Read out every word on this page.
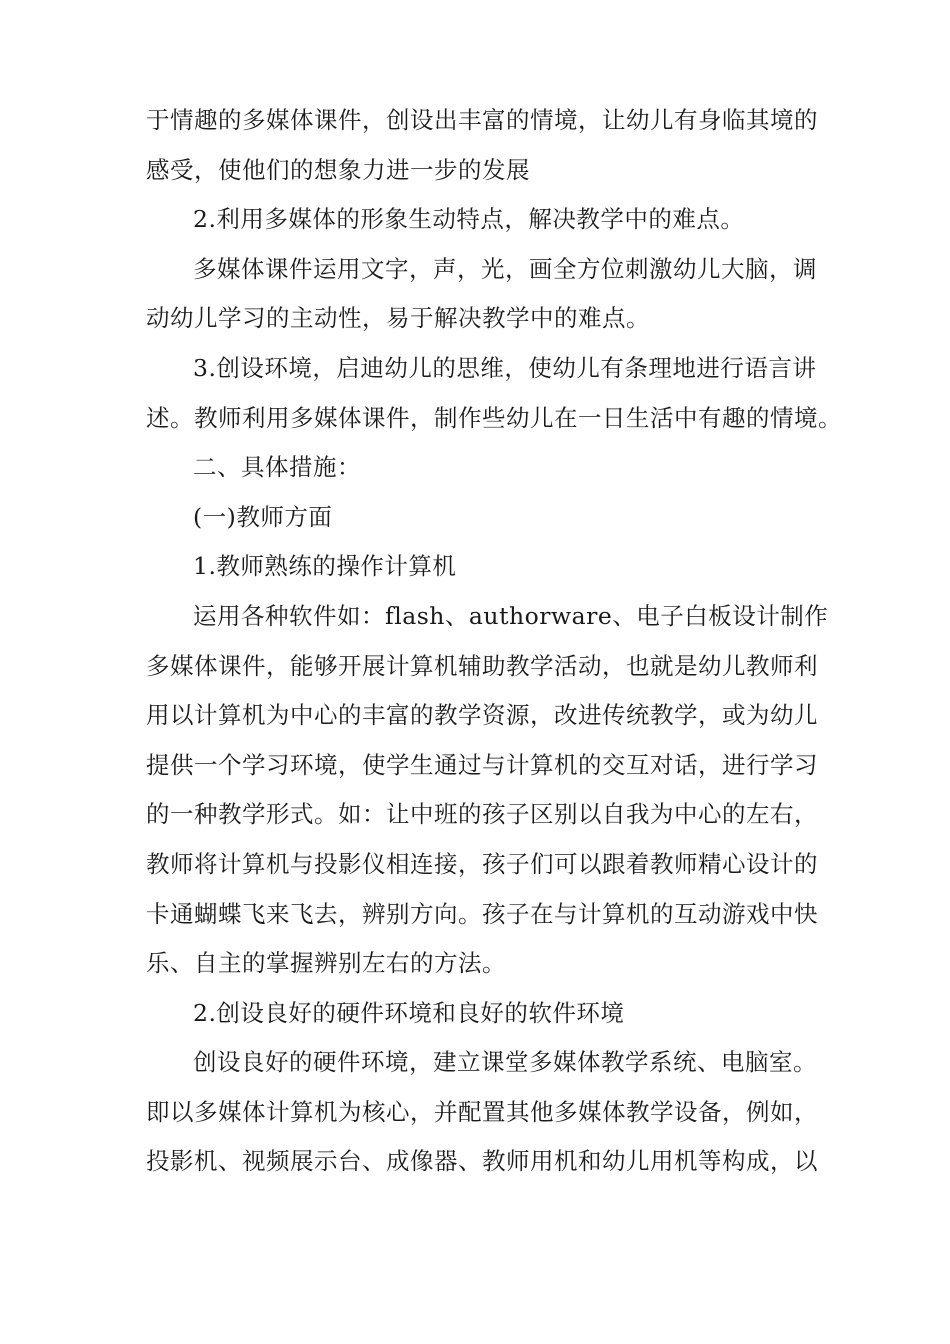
于情趣的多媒体课件，创设出丰富的情境，让幼儿有身临其境的
感受，使他们的想象力进一步的发展
2.利用多媒体的形象生动特点，解决教学中的难点。
多媒体课件运用文字，声，光，画全方位刺激幼儿大脑，调
动幼儿学习的主动性，易于解决教学中的难点。
3.创设环境，启迪幼儿的思维，使幼儿有条理地进行语言讲
述。教师利用多媒体课件，制作些幼儿在一日生活中有趣的情境。
二、具体措施：
(一)教师方面
1.教师熟练的操作计算机
运用各种软件如：flash、authorware、电子白板设计制作
多媒体课件，能够开展计算机辅助教学活动，也就是幼儿教师利
用以计算机为中心的丰富的教学资源，改进传统教学，或为幼儿
提供一个学习环境，使学生通过与计算机的交互对话，进行学习
的一种教学形式。如：让中班的孩子区别以自我为中心的左右，
教师将计算机与投影仪相连接，孩子们可以跟着教师精心设计的
卡通蝴蝶飞来飞去，辨别方向。孩子在与计算机的互动游戏中快
乐、自主的掌握辨别左右的方法。
2.创设良好的硬件环境和良好的软件环境
创设良好的硬件环境，建立课堂多媒体教学系统、电脑室。
即以多媒体计算机为核心，并配置其他多媒体教学设备，例如，
投影机、视频展示台、成像器、教师用机和幼儿用机等构成，以
